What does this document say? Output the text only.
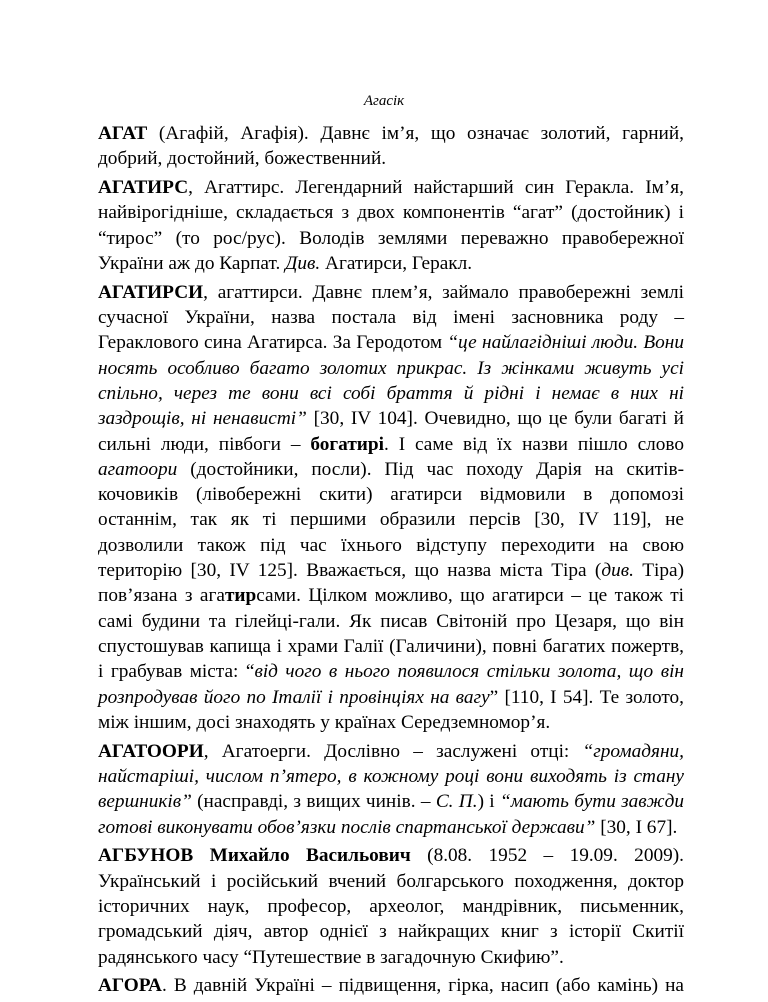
Агасік

АГАТ (Агафій, Агафія). Давнє ім’я, що означає золотий, гарний, добрий, достойний, божественний.

АГАТИРС, Агаттирс. Легендарний найстарший син Геракла. Ім’я, найвірогідніше, складається з двох компонентів “агат” (достойник) і “тирос” (то рос/рус). Володів землями переважно правобережної України аж до Карпат. Див. Агатирси, Геракл.

АГАТИРСИ, агаттирси. Давнє плем’я, займало правобережні землі сучасної України, назва постала від імені засновника роду – Гераклового сина Агатирса. За Геродотом “це найлагідніші люди. Вони носять особливо багато золотих прикрас. Із жінками живуть усі спільно, через те вони всі собі браття й рідні і немає в них ні заздрощів, ні ненависті” [30, IV 104]. Очевидно, що це були багаті й сильні люди, півбоги – богатирі. І саме від їх назви пішло слово агатоори (достойники, посли). Під час походу Дарія на скитів-кочовиків (лівобережні скити) агатирси відмовили в допомозі останнім, так як ті першими образили персів [30, IV 119], не дозволили також під час їхнього відступу переходити на свою територію [30, IV 125]. Вважається, що назва міста Тіра (див. Тіра) пов’язана з агатирсами. Цілком можливо, що агатирси – це також ті самі будини та гілейці-гали. Як писав Світоній про Цезаря, що він спустошував капища і храми Галії (Галичини), повні багатих пожертв, і грабував міста: “від чого в нього появилося стільки золота, що він розпродував його по Італії і провінціях на вагу” [110, I 54]. Те золото, між іншим, досі знаходять у країнах Середземномор’я.

АГАТООРИ, Агатоерги. Дослівно – заслужені отці: “громадяни, найстаріші, числом п’ятеро, в кожному році вони виходять із стану вершників” (насправді, з вищих чинів. – С. П.) і “мають бути завжди готові виконувати обов’язки послів спартанської держави” [30, I 67].

АГБУНОВ Михайло Васильович (8.08. 1952 – 19.09. 2009). Український і російський вчений болгарського походження, доктор історичних наук, професор, археолог, мандрівник, письменник, громадський діяч, автор однієї з найкращих книг з історії Скитії радянського часу “Путешествие в загадочную Скифию”.

АГОРА. В давній Україні – підвищення, гірка, насип (або камінь) на
